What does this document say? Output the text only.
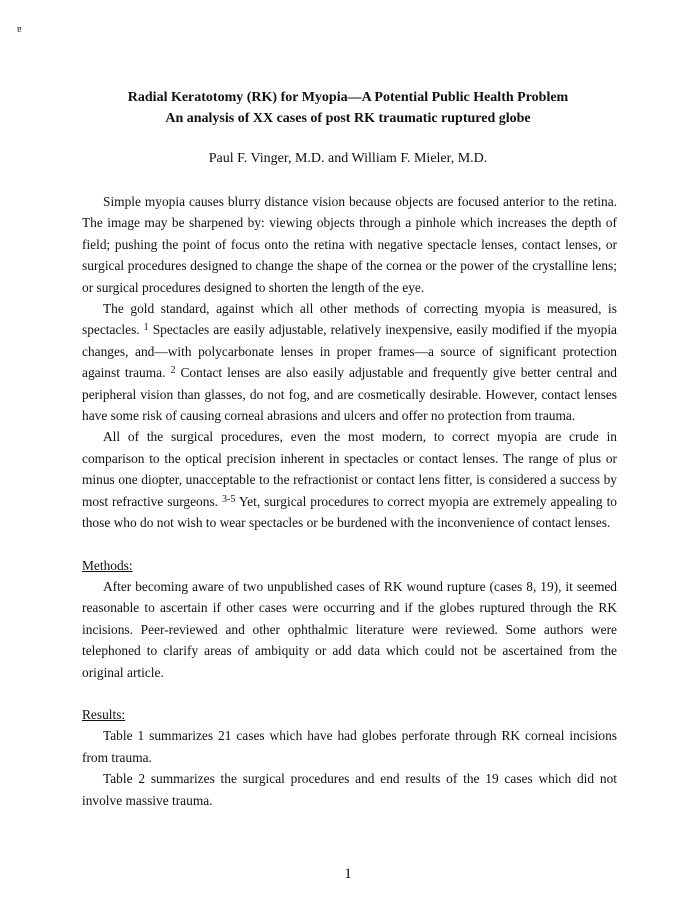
ɐ
Radial Keratotomy (RK) for Myopia—A Potential Public Health Problem
An analysis of XX cases of post RK traumatic ruptured globe
Paul F. Vinger, M.D. and William F. Mieler, M.D.

Simple myopia causes blurry distance vision because objects are focused anterior to the retina. The image may be sharpened by: viewing objects through a pinhole which increases the depth of field; pushing the point of focus onto the retina with negative spectacle lenses, contact lenses, or surgical procedures designed to change the shape of the cornea or the power of the crystalline lens; or surgical procedures designed to shorten the length of the eye.

The gold standard, against which all other methods of correcting myopia is measured, is spectacles. $^1$ Spectacles are easily adjustable, relatively inexpensive, easily modified if the myopia changes, and—with polycarbonate lenses in proper frames—a source of significant protection against trauma. $^2$ Contact lenses are also easily adjustable and frequently give better central and peripheral vision than glasses, do not fog, and are cosmetically desirable. However, contact lenses have some risk of causing corneal abrasions and ulcers and offer no protection from trauma.

All of the surgical procedures, even the most modern, to correct myopia are crude in comparison to the optical precision inherent in spectacles or contact lenses. The range of plus or minus one diopter, unacceptable to the refractionist or contact lens fitter, is considered a success by most refractive surgeons. $^{3-5}$ Yet, surgical procedures to correct myopia are extremely appealing to those who do not wish to wear spectacles or be burdened with the inconvenience of contact lenses.

Methods:

After becoming aware of two unpublished cases of RK wound rupture (cases 8, 19), it seemed reasonable to ascertain if other cases were occurring and if the globes ruptured through the RK incisions. Peer-reviewed and other ophthalmic literature were reviewed. Some authors were telephoned to clarify areas of ambiquity or add data which could not be ascertained from the original article.

Results:

Table 1 summarizes 21 cases which have had globes perforate through RK corneal incisions from trauma.

Table 2 summarizes the surgical procedures and end results of the 19 cases which did not involve massive trauma.

1
